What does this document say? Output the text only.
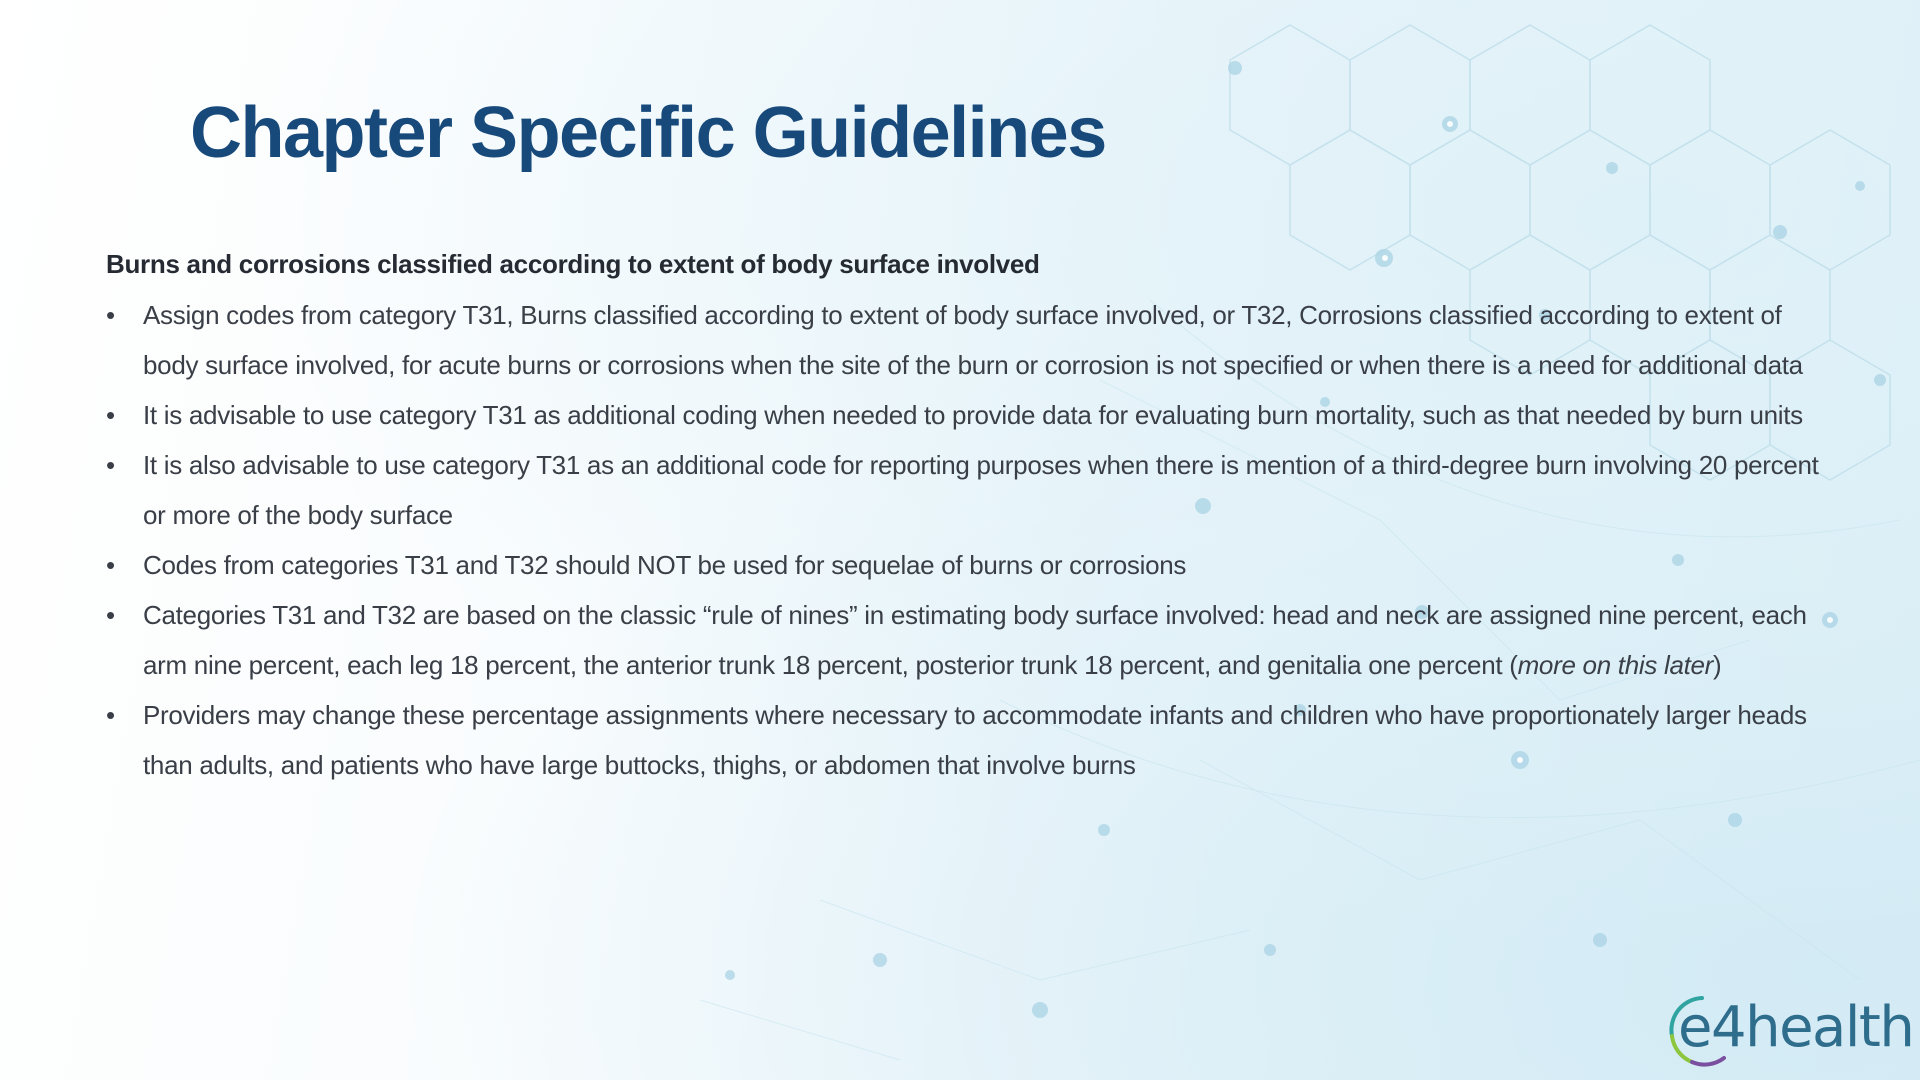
Chapter Specific Guidelines

Burns and corrosions classified according to extent of body surface involved

• Assign codes from category T31, Burns classified according to extent of body surface involved, or T32, Corrosions classified according to extent of body surface involved, for acute burns or corrosions when the site of the burn or corrosion is not specified or when there is a need for additional data
• It is advisable to use category T31 as additional coding when needed to provide data for evaluating burn mortality, such as that needed by burn units
• It is also advisable to use category T31 as an additional code for reporting purposes when there is mention of a third-degree burn involving 20 percent or more of the body surface
• Codes from categories T31 and T32 should NOT be used for sequelae of burns or corrosions
• Categories T31 and T32 are based on the classic “rule of nines” in estimating body surface involved: head and neck are assigned nine percent, each arm nine percent, each leg 18 percent, the anterior trunk 18 percent, posterior trunk 18 percent, and genitalia one percent (more on this later)
• Providers may change these percentage assignments where necessary to accommodate infants and children who have proportionately larger heads than adults, and patients who have large buttocks, thighs, or abdomen that involve burns
e4health
